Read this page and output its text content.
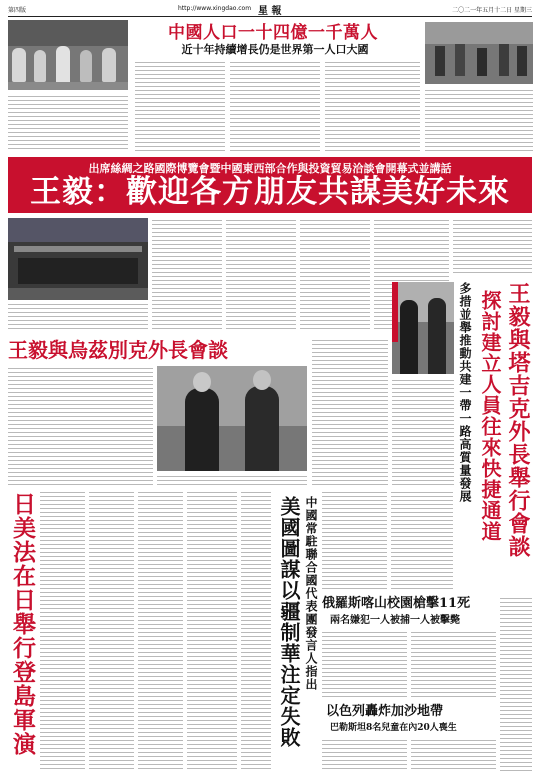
第四版	http://www.xingdao.com 星 報	二〇二一年五月十二日 星期三
中國人口一十四億一千萬人
近十年持續增長仍是世界第一人口大國
出席絲綢之路國際博覽會暨中國東西部合作與投資貿易洽談會開幕式並講話
王毅：歡迎各方朋友共謀美好未來
王毅與烏茲別克外長會談	王毅與塔吉克外長舉行會談
探討建立人員往來快捷通道
多措並舉推動共建一帶一路高質量發展
日美法在日舉行登島軍演	美國圖謀以疆制華注定失敗 中國常駐聯合國代表團發言人指出 俄羅斯喀山校園槍擊11死
兩名嫌犯一人被捕一人被擊斃
以色列轟炸加沙地帶
巴勒斯坦8名兒童在內20人喪生
